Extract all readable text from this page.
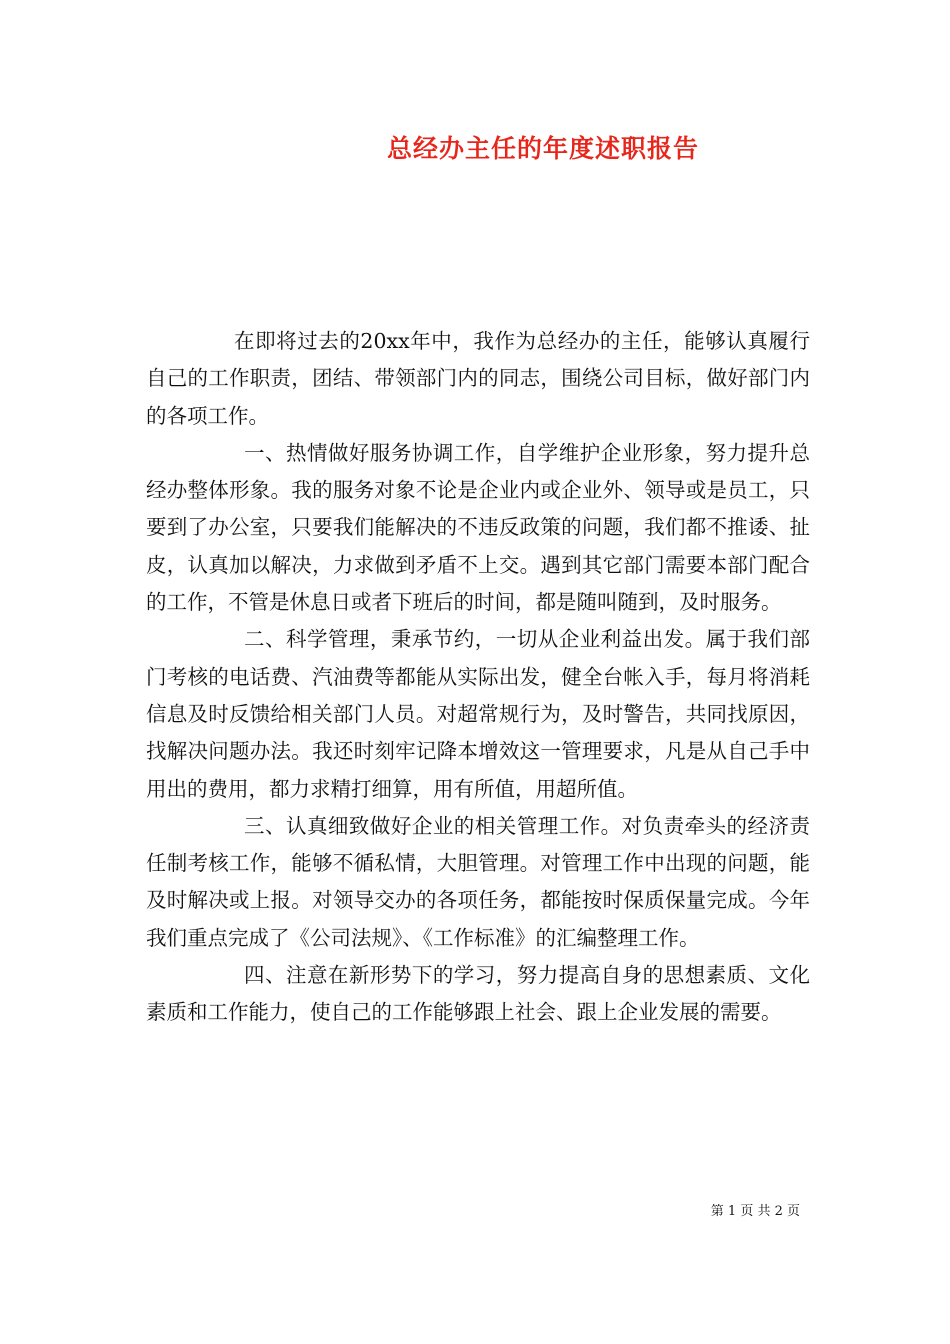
总经办主任的年度述职报告

在即将过去的20xx年中，我作为总经办的主任，能够认真履行自己的工作职责，团结、带领部门内的同志，围绕公司目标，做好部门内的各项工作。

一、热情做好服务协调工作，自学维护企业形象，努力提升总经办整体形象。我的服务对象不论是企业内或企业外、领导或是员工，只要到了办公室，只要我们能解决的不违反政策的问题，我们都不推诿、扯皮，认真加以解决，力求做到矛盾不上交。遇到其它部门需要本部门配合的工作，不管是休息日或者下班后的时间，都是随叫随到，及时服务。

二、科学管理，秉承节约，一切从企业利益出发。属于我们部门考核的电话费、汽油费等都能从实际出发，健全台帐入手，每月将消耗信息及时反馈给相关部门人员。对超常规行为，及时警告，共同找原因，找解决问题办法。我还时刻牢记降本增效这一管理要求，凡是从自己手中用出的费用，都力求精打细算，用有所值，用超所值。

三、认真细致做好企业的相关管理工作。对负责牵头的经济责任制考核工作，能够不循私情，大胆管理。对管理工作中出现的问题，能及时解决或上报。对领导交办的各项任务，都能按时保质保量完成。今年我们重点完成了《公司法规》、《工作标准》的汇编整理工作。

四、注意在新形势下的学习，努力提高自身的思想素质、文化素质和工作能力，使自己的工作能够跟上社会、跟上企业发展的需要。

第 1 页 共 2 页
